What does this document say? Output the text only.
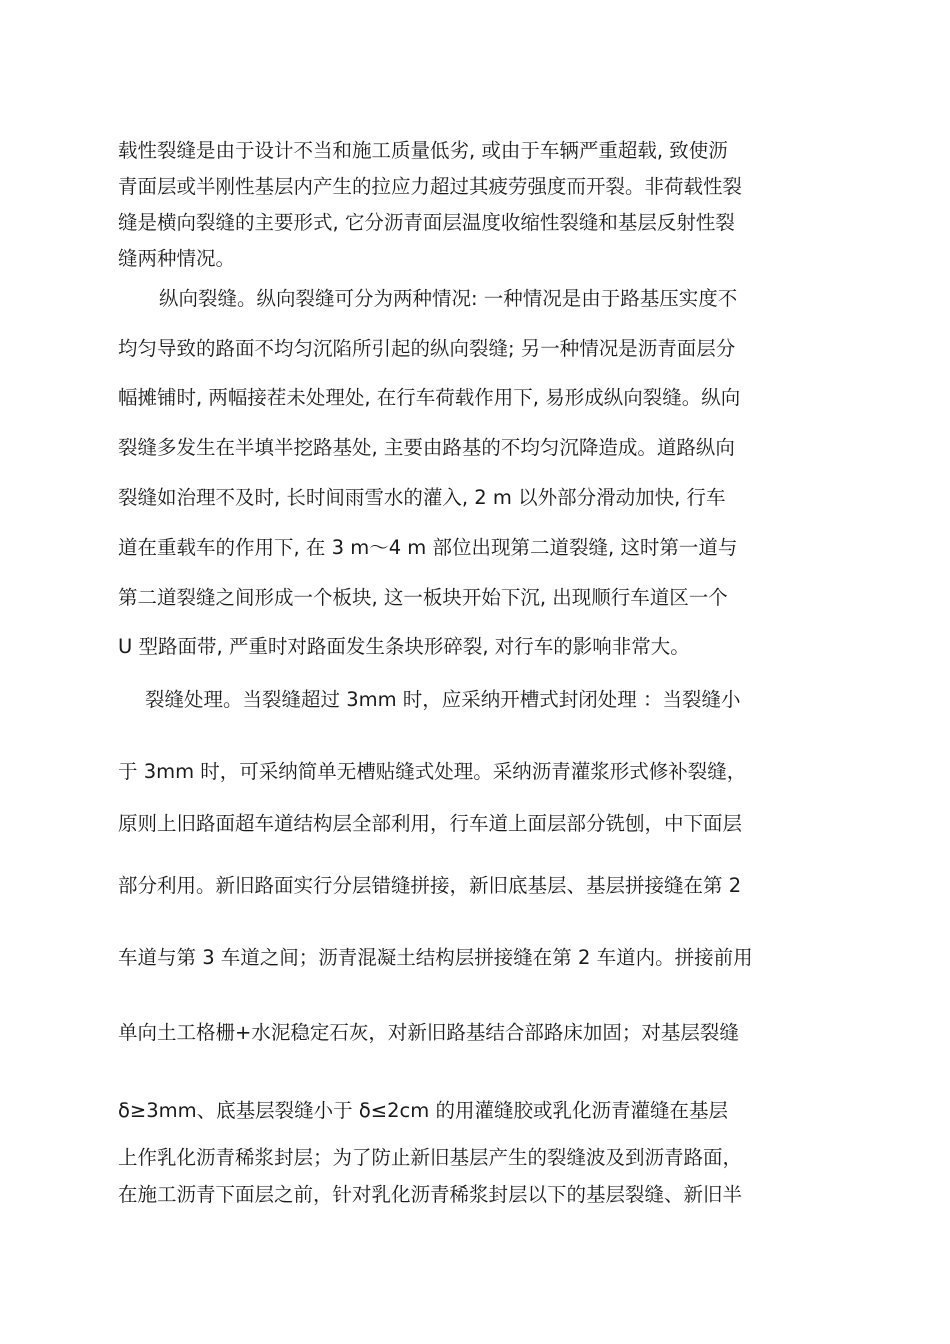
载性裂缝是由于设计不当和施工质量低劣, 或由于车辆严重超载, 致使沥
青面层或半刚性基层内产生的拉应力超过其疲劳强度而开裂。非荷载性裂
缝是横向裂缝的主要形式, 它分沥青面层温度收缩性裂缝和基层反射性裂
缝两种情况。
纵向裂缝。纵向裂缝可分为两种情况: 一种情况是由于路基压实度不
均匀导致的路面不均匀沉陷所引起的纵向裂缝; 另一种情况是沥青面层分
幅摊铺时, 两幅接茬未处理处, 在行车荷载作用下, 易形成纵向裂缝。纵向
裂缝多发生在半填半挖路基处, 主要由路基的不均匀沉降造成。道路纵向
裂缝如治理不及时, 长时间雨雪水的灌入, 2 m 以外部分滑动加快, 行车
道在重载车的作用下, 在 3 m～4 m 部位出现第二道裂缝, 这时第一道与
第二道裂缝之间形成一个板块, 这一板块开始下沉, 出现顺行车道区一个
U 型路面带, 严重时对路面发生条块形碎裂, 对行车的影响非常大。
裂缝处理。当裂缝超过 3mm 时，应采纳开槽式封闭处理 ：当裂缝小
于 3mm 时，可采纳简单无槽贴缝式处理。采纳沥青灌浆形式修补裂缝，
原则上旧路面超车道结构层全部利用，行车道上面层部分铣刨，中下面层
部分利用。新旧路面实行分层错缝拼接，新旧底基层、基层拼接缝在第 2
车道与第 3 车道之间；沥青混凝土结构层拼接缝在第 2 车道内。拼接前用
单向土工格栅+水泥稳定石灰，对新旧路基结合部路床加固；对基层裂缝
δ≥3mm、底基层裂缝小于 δ≤2cm 的用灌缝胶或乳化沥青灌缝在基层
上作乳化沥青稀浆封层；为了防止新旧基层产生的裂缝波及到沥青路面，
在施工沥青下面层之前，针对乳化沥青稀浆封层以下的基层裂缝、新旧半
